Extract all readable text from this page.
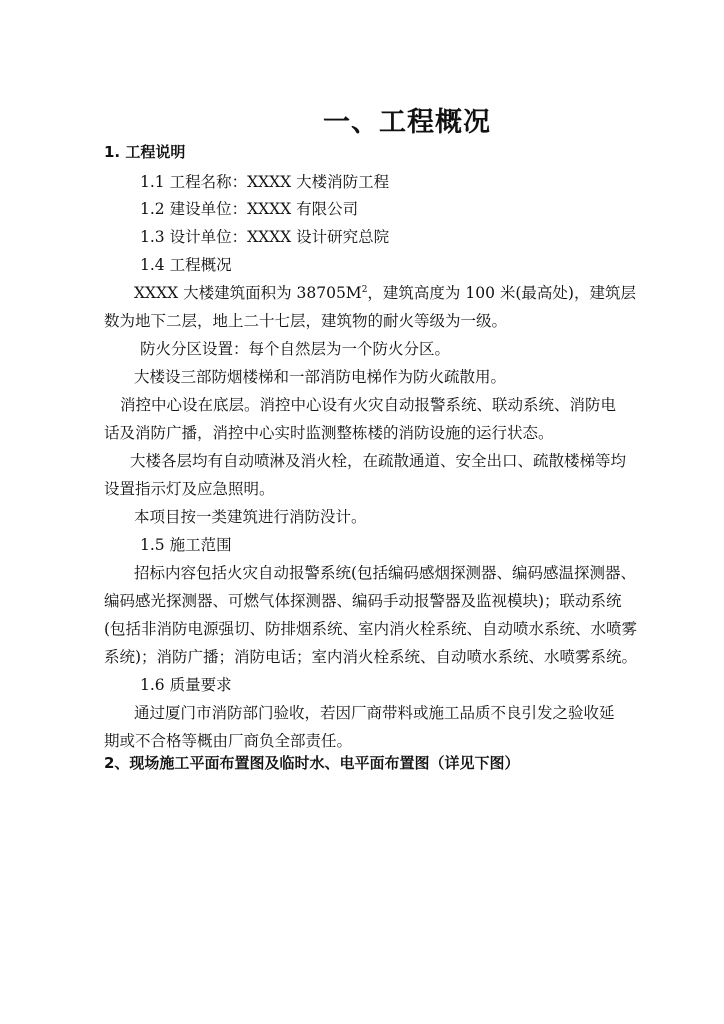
一、工程概况
1. 工程说明
1.1 工程名称：XXXX 大楼消防工程
1.2 建设单位：XXXX 有限公司
1.3 设计单位：XXXX 设计研究总院
1.4 工程概况
XXXX 大楼建筑面积为 $38705M^2$，建筑高度为 100 米(最高处)，建筑层
数为地下二层，地上二十七层，建筑物的耐火等级为一级。
防火分区设置：每个自然层为一个防火分区。
大楼设三部防烟楼梯和一部消防电梯作为防火疏散用。
消控中心设在底层。消控中心设有火灾自动报警系统、联动系统、消防电
话及消防广播，消控中心实时监测整栋楼的消防设施的运行状态。
大楼各层均有自动喷淋及消火栓，在疏散通道、安全出口、疏散楼梯等均
设置指示灯及应急照明。
本项目按一类建筑进行消防没计。
1.5 施工范围
招标内容包括火灾自动报警系统(包括编码感烟探测器、编码感温探测器、
编码感光探测器、可燃气体探测器、编码手动报警器及监视模块)；联动系统
(包括非消防电源强切、防排烟系统、室内消火栓系统、自动喷水系统、水喷雾
系统)；消防广播；消防电话；室内消火栓系统、自动喷水系统、水喷雾系统。
1.6 质量要求
通过厦门市消防部门验收，若因厂商带料或施工品质不良引发之验收延
期或不合格等概由厂商负全部责任。
2、现场施工平面布置图及临时水、电平面布置图（详见下图）
